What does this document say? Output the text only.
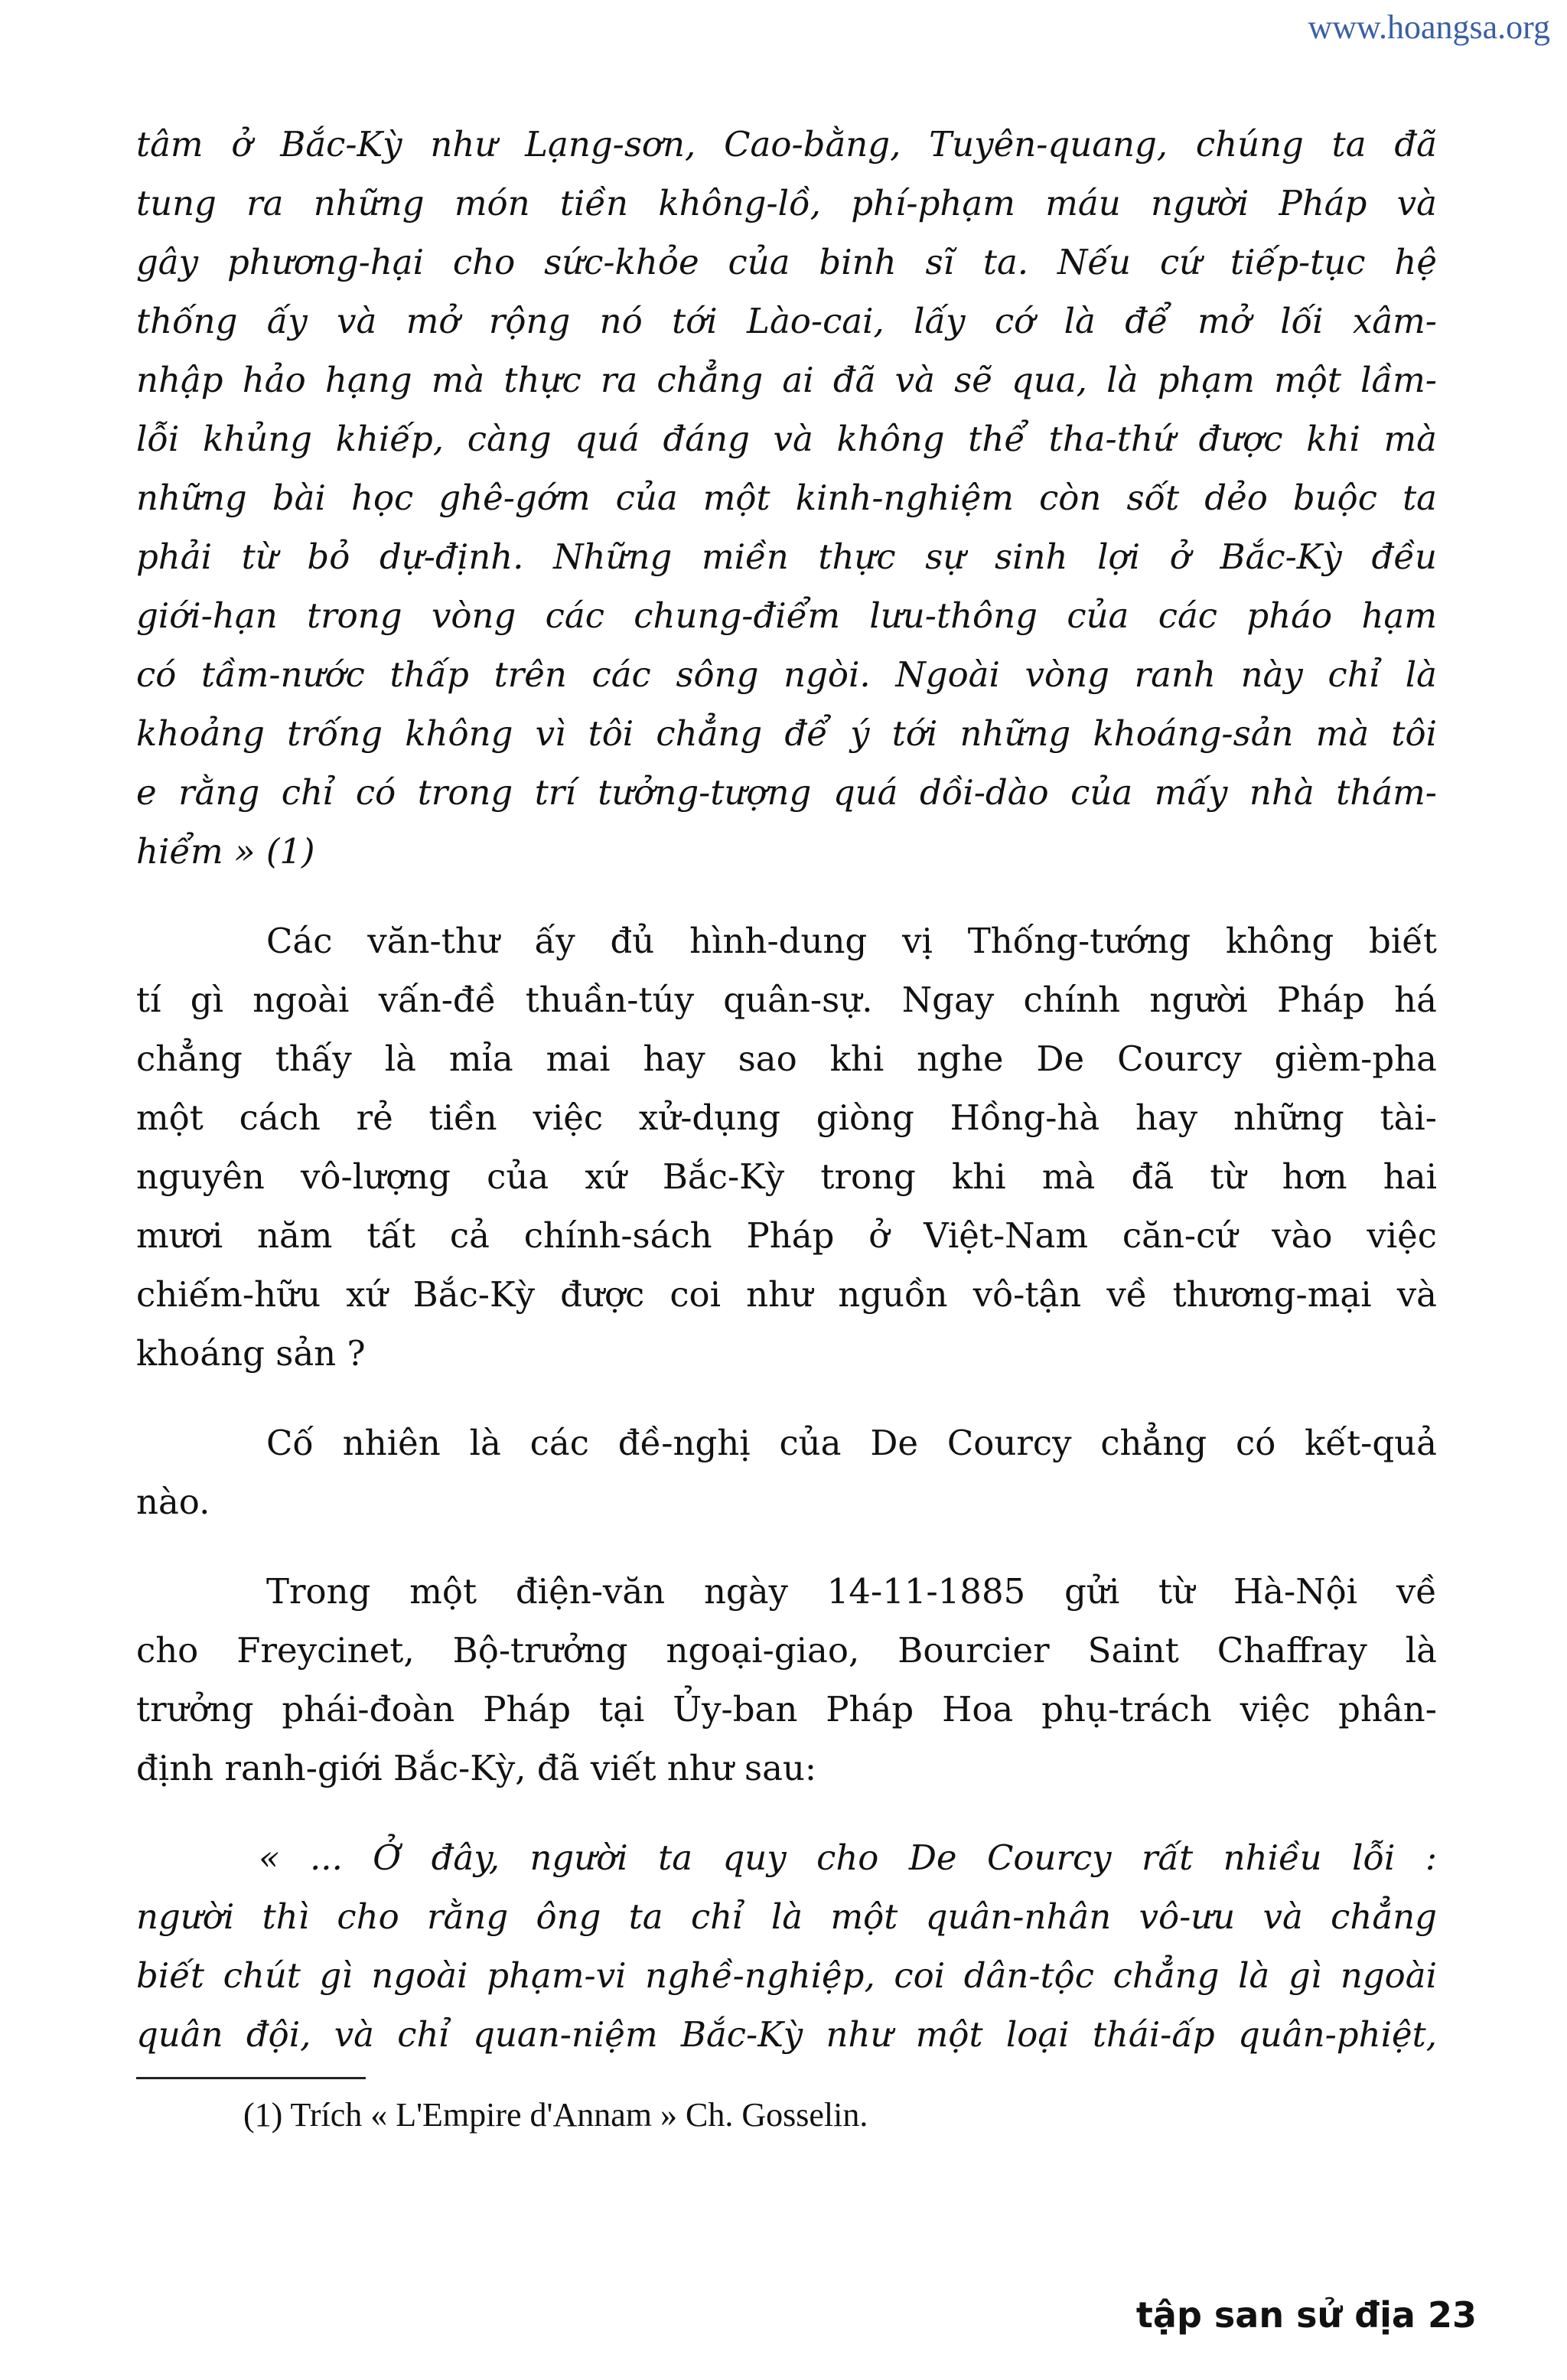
www.hoangsa.org
tâm ở Bắc-Kỳ như Lạng-sơn, Cao-bằng, Tuyên-quang, chúng ta đã
tung ra những món tiền không-lồ, phí-phạm máu người Pháp và
gây phương-hại cho sức-khỏe của binh sĩ ta. Nếu cứ tiếp-tục hệ
thống ấy và mở rộng nó tới Lào-cai, lấy cớ là để mở lối xâm-
nhập hảo hạng mà thực ra chẳng ai đã và sẽ qua, là phạm một lầm-
lỗi khủng khiếp, càng quá đáng và không thể tha-thứ được khi mà
những bài học ghê-gớm của một kinh-nghiệm còn sốt dẻo buộc ta
phải từ bỏ dự-định. Những miền thực sự sinh lợi ở Bắc-Kỳ đều
giới-hạn trong vòng các chung-điểm lưu-thông của các pháo hạm
có tầm-nước thấp trên các sông ngòi. Ngoài vòng ranh này chỉ là
khoảng trống không vì tôi chẳng để ý tới những khoáng-sản mà tôi
e rằng chỉ có trong trí tưởng-tượng quá dồi-dào của mấy nhà thám-
hiểm » (1)
Các văn-thư ấy đủ hình-dung vị Thống-tướng không biết
tí gì ngoài vấn-đề thuần-túy quân-sự. Ngay chính người Pháp há
chẳng thấy là mỉa mai hay sao khi nghe De Courcy gièm-pha
một cách rẻ tiền việc xử-dụng giòng Hồng-hà hay những tài-
nguyên vô-lượng của xứ Bắc-Kỳ trong khi mà đã từ hơn hai
mươi năm tất cả chính-sách Pháp ở Việt-Nam căn-cứ vào việc
chiếm-hữu xứ Bắc-Kỳ được coi như nguồn vô-tận về thương-mại và
khoáng sản ?
Cố nhiên là các đề-nghị của De Courcy chẳng có kết-quả
nào.
Trong một điện-văn ngày 14-11-1885 gửi từ Hà-Nội về
cho Freycinet, Bộ-trưởng ngoại-giao, Bourcier Saint Chaffray là
trưởng phái-đoàn Pháp tại Ủy-ban Pháp Hoa phụ-trách việc phân-
định ranh-giới Bắc-Kỳ, đã viết như sau:
« ... Ở đây, người ta quy cho De Courcy rất nhiều lỗi :
người thì cho rằng ông ta chỉ là một quân-nhân vô-ưu và chẳng
biết chút gì ngoài phạm-vi nghề-nghiệp, coi dân-tộc chẳng là gì ngoài
quân đội, và chỉ quan-niệm Bắc-Kỳ như một loại thái-ấp quân-phiệt,
(1) Trích « L'Empire d'Annam » Ch. Gosselin.
tập san sử địa 23
